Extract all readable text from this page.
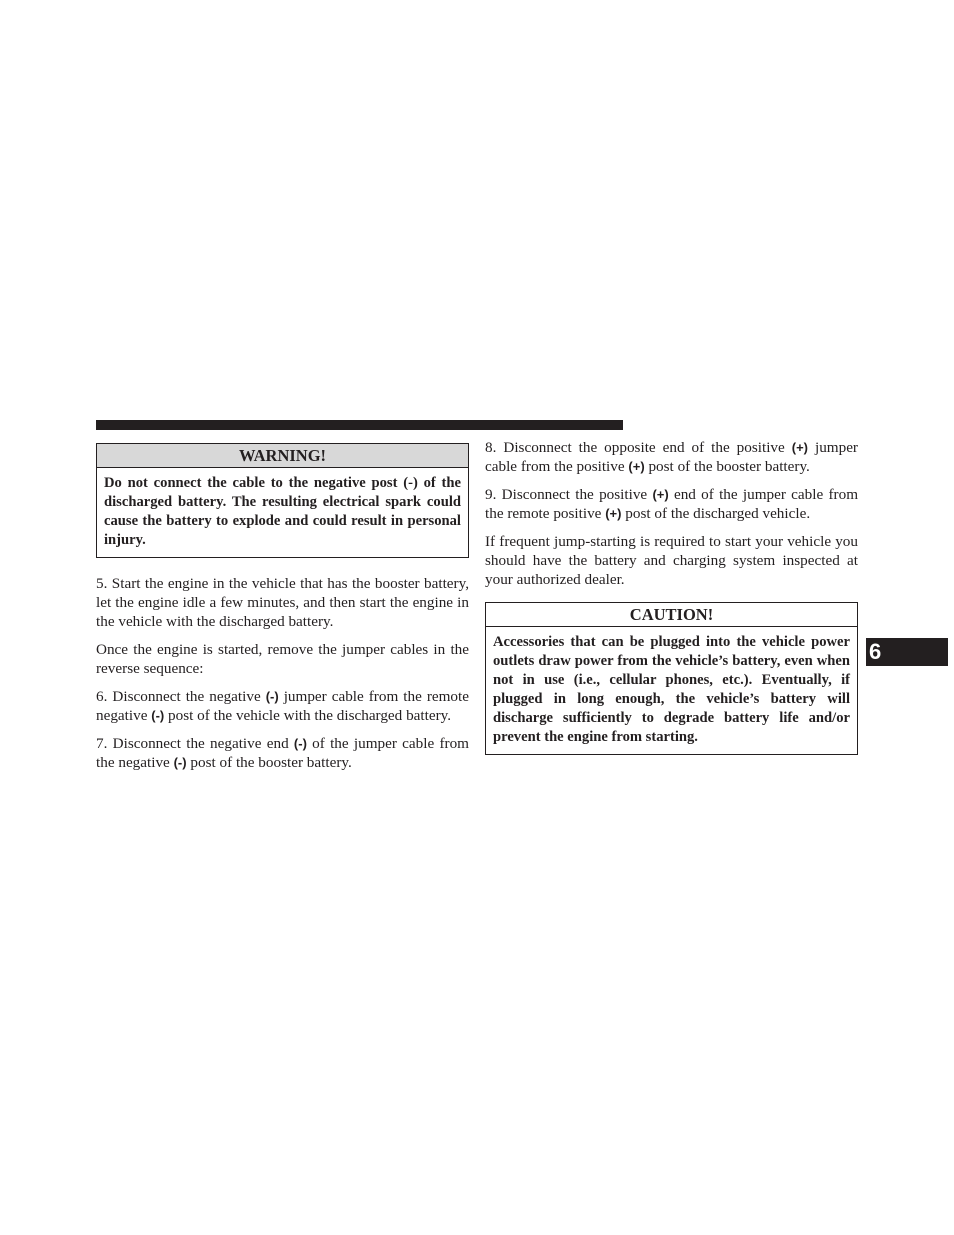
WARNING!
Do not connect the cable to the negative post (-) of the discharged battery. The resulting electrical spark could cause the battery to explode and could result in personal injury.

5. Start the engine in the vehicle that has the booster battery, let the engine idle a few minutes, and then start the engine in the vehicle with the discharged battery.

Once the engine is started, remove the jumper cables in the reverse sequence:

6. Disconnect the negative (-) jumper cable from the remote negative (-) post of the vehicle with the discharged battery.

7. Disconnect the negative end (-) of the jumper cable from the negative (-) post of the booster battery.

8. Disconnect the opposite end of the positive (+) jumper cable from the positive (+) post of the booster battery.

9. Disconnect the positive (+) end of the jumper cable from the remote positive (+) post of the discharged vehicle.

If frequent jump-starting is required to start your vehicle you should have the battery and charging system inspected at your authorized dealer.

CAUTION!
Accessories that can be plugged into the vehicle power outlets draw power from the vehicle’s battery, even when not in use (i.e., cellular phones, etc.). Eventually, if plugged in long enough, the vehicle’s battery will discharge sufficiently to degrade battery life and/or prevent the engine from starting.
6
